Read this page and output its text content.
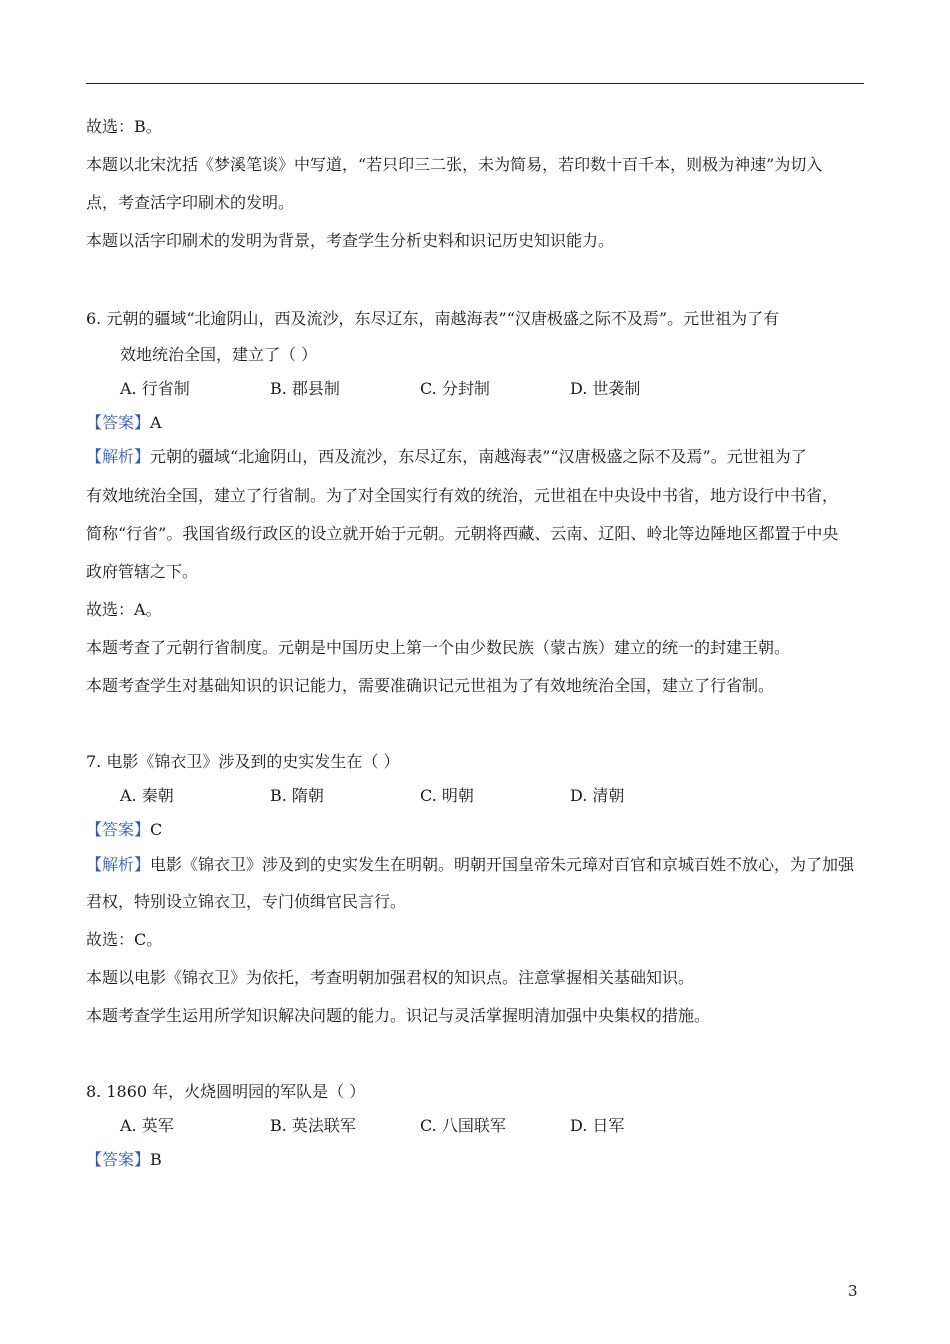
故选：B。
本题以北宋沈括《梦溪笔谈》中写道，“若只印三二张，未为简易，若印数十百千本，则极为神速”为切入
点，考查活字印刷术的发明。
本题以活字印刷术的发明为背景，考查学生分析史料和识记历史知识能力。
6. 元朝的疆域“北逾阴山，西及流沙，东尽辽东，南越海表”“汉唐极盛之际不及焉”。元世祖为了有
效地统治全国，建立了（ ）
A. 行省制	B. 郡县制	C. 分封制	D. 世袭制
【答案】A
【解析】元朝的疆域“北逾阴山，西及流沙，东尽辽东，南越海表”“汉唐极盛之际不及焉”。元世祖为了
有效地统治全国，建立了行省制。为了对全国实行有效的统治，元世祖在中央设中书省，地方设行中书省，
简称“行省”。我国省级行政区的设立就开始于元朝。元朝将西藏、云南、辽阳、岭北等边陲地区都置于中央
政府管辖之下。
故选：A。
本题考查了元朝行省制度。元朝是中国历史上第一个由少数民族（蒙古族）建立的统一的封建王朝。
本题考查学生对基础知识的识记能力，需要准确识记元世祖为了有效地统治全国，建立了行省制。
7. 电影《锦衣卫》涉及到的史实发生在（ ）
A. 秦朝	B. 隋朝	C. 明朝	D. 清朝
【答案】C
【解析】电影《锦衣卫》涉及到的史实发生在明朝。明朝开国皇帝朱元璋对百官和京城百姓不放心，为了加强
君权，特别设立锦衣卫，专门侦缉官民言行。
故选：C。
本题以电影《锦衣卫》为依托，考查明朝加强君权的知识点。注意掌握相关基础知识。
本题考查学生运用所学知识解决问题的能力。识记与灵活掌握明清加强中央集权的措施。
8. 1860 年，火烧圆明园的军队是（ ）
A. 英军	B. 英法联军	C. 八国联军	D. 日军
【答案】B
3
